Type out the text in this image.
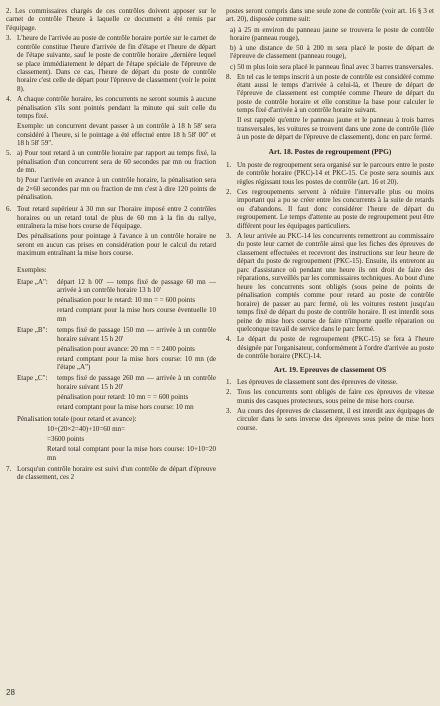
2. Les commissaires chargés de ces contrôles doivent apposer sur le carnet de contrôle l'heure à laquelle ce document a été remis par l'équipage.
3. L'heure de l'arrivée au poste de contrôle horaire portée sur le carnet de contrôle constitue l'heure d'arrivée de fin d'étape et l'heure de départ de l'étape suivante, sauf le poste de contrôle horaire „dernière lequel se place immédiatement le départ de l'étape spéciale de l'épreuve de classement). Dans ce cas, l'heure de départ du poste de contrôle horaire c'est celle de départ pour l'épreuve de classement (voir le point 8).
4. A chaque contrôle horaire, les concurrents ne seront soumis à aucune pénalisation s'ils sont pointés pendant la minute qui suit celle du temps fixé.
Exemple: un concurrent devant passer à un contrôle à 18 h 58' sera considéré à l'heure, si le pointage a été effectué entre 18 h 58' 00" et 18 h 58' 59".
5. a) Pour tout retard à un contrôle horaire par rapport au temps fixé, la pénalisation d'un concurrent sera de 60 secondes par mn ou fraction de mn.

b) Pour l'arrivée en avance à un contrôle horaire, la pénalisation sera de 2×60 secondes par mn ou fraction de mn c'est à dire 120 points de pénalisation.

6. Tout retard supérieur à 30 mn sur l'horaire imposé entre 2 contrôles horaires ou un retard total de plus de 60 mn à la fin du rallye, entraînera la mise hors course de l'équipage.

Des pénalisations pour pointage à l'avance à un contrôle horaire ne seront en aucun cas prises en considération pour le calcul du retard maximum entraînant la mise hors course.

Exemples:

Etape „A":	départ 12 h 00' — temps fixé de passage 60 mn — arrivée à un contrôle horaire 13 h 10'

pénalisation pour le retard: 10 mn = = 600 points

retard comptant pour la mise hors course éventuelle 10 mn

Etape „B":	temps fixé de passage 150 mn — arrivée à un contrôle horaire suivant 15 h 20'

pénalisation pour avance: 20 mn = = 2400 points

retard comptant pour la mise hors course: 10 mn (de l'étape „A")

Etape „C":	temps fixé de passage 260 mn — arrivée à un contrôle horaire suivant 15 h 20'

pénalisation pour retard: 10 mn = = 600 points

retard comptant pour la mise hors course: 10 mn

Pénalisation totale (pour retard et avance):

10+(20×2=40)+10=60 mn=

=3600 points

Retard total comptant pour la mise hors course: 10+10=20 mn

7. Lorsqu'un contrôle horaire est suivi d'un contrôle de départ d'épreuve de classement, ces 2

postes seront compris dans une seule zone de contrôle (voir art. 16 § 3 et art. 20), disposée comme suit:

a) à 25 m environ du panneau jaune se trouvera le poste de contrôle horaire (panneau rouge),

b) à une distance de 50 à 200 m sera placé le poste de départ de l'épreuve de classement (panneau rouge),

c) 50 m plus loin sera placé le panneau final avec 3 barres transversales.

8. En tel cas le temps inscrit à un poste de contrôle est considéré comme étant aussi le temps d'arrivée à celui-là, et l'heure de départ de l'épreuve de classement est comptée comme l'heure de départ du poste de contrôle horaire et elle constitue la base pour calculer le temps fixé d'arrivée à un contrôle horaire suivant.

Il est rappelé qu'entre le panneau jaune et le panneau à trois barres transversales, les voitures se trouvent dans une zone de contrôle (liée à un poste de départ de l'épreuve de classement), donc en parc fermé.

Art. 18. Postes de regroupement (PPG)
1. Un poste de regroupement sera organisé sur le parcours entre le poste de contrôle horaire (PKC)-14 et PKC-15. Ce poste sera soumis aux règles régissant tous les postes de contrôle (art. 16 et 20).
2. Ces regroupements servent à réduire l'intervalle plus ou moins important qui a pu se créer entre les concurrents à la suite de retards ou d'abandons. Il faut donc considérer l'heure de départ du regroupement. Le temps d'attente au poste de regroupement peut être différent pour les équipages particuliers.
3. A leur arrivée au PKC-14 les concurrents remettront au commissaire du poste leur carnet de contrôle ainsi que les fiches des épreuves de classement effectuées et recevront des instructions sur leur heure de départ du poste de regroupement (PKC-15). Ensuite, ils entreront au parc d'assistance où pendant une heure ils ont droit de faire des réparations, surveillés par les commissaires techniques. Au bout d'une heure les concurrents sont obligés (sous peine de points de pénalisation comptés comme pour retard au poste de contrôle horaire) de passer au parc fermé, où les voitures restent jusqu'au temps fixé de départ du poste de contrôle horaire. Il est interdit sous peine de mise hors course de faire n'importe quelle réparation ou quelconque travail de service dans le parc fermé.
4. Le départ du poste de regroupement (PKC-15) se fera à l'heure désignée par l'organisateur, conformément à l'ordre d'arrivée au poste de contrôle horaire (PKC)-14.
Art. 19. Epreuves de classement OS
1. Les épreuves de classement sont des épreuves de vitesse.
2. Tous les concurrents sont obligés de faire ces épreuves de vitesse munis des casques protecteurs, sous peine de mise hors course.
3. Au cours des épreuves de classement, il est interdit aux équipages de circuler dans le sens inverse des épreuves sous peine de mise hors course.
28
